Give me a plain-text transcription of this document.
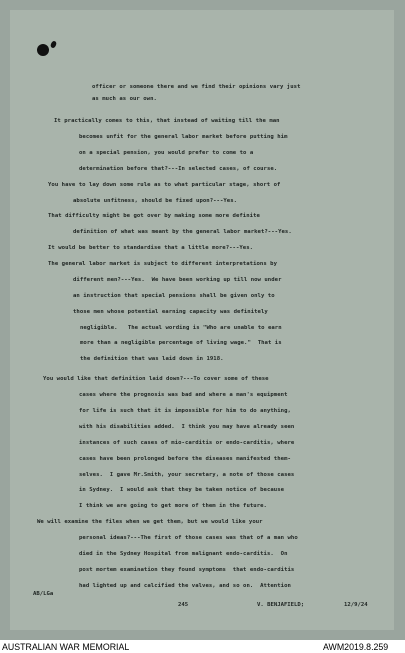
officer or someone there and we find their opinions vary just

as much as our own.

It practically comes to this, that instead of waiting till the man

becomes unfit for the general labor market before putting him

on a special pension, you would prefer to come to a

determination before that?---In selected cases, of course.

You have to lay down some rule as to what particular stage, short of

absolute unfitness, should be fixed upon?---Yes.

That difficulty might be got over by making some more definite

definition of what was meant by the general labor market?---Yes.

It would be better to standardise that a little more?---Yes.

The general labor market is subject to different interpretations by

different men?---Yes.  We have been working up till now under

an instruction that special pensions shall be given only to

those men whose potential earning capacity was definitely

negligible.   The actual wording is "Who are unable to earn

more than a negligible percentage of living wage."  That is

the definition that was laid down in 1918.

You would like that definition laid down?---To cover some of these

cases where the prognosis was bad and where a man's equipment

for life is such that it is impossible for him to do anything,

with his disabilities added.  I think you may have already seen

instances of such cases of mio-carditis or endo-carditis, where

cases have been prolonged before the diseases manifested them-

selves.  I gave Mr.Smith, your secretary, a note of those cases

in Sydney.  I would ask that they be taken notice of because

I think we are going to get more of them in the future.

We will examine the files when we get them, but we would like your

personal ideas?---The first of those cases was that of a man who

died in the Sydney Hospital from malignant endo-carditis.  On

post mortem examination they found symptoms  that endo-carditis

had lighted up and calcified the valves, and so on.  Attention

AB/LGa
245	V. BENJAFIELD;	12/9/24
AUSTRALIAN WAR MEMORIAL	AWM2019.8.259
